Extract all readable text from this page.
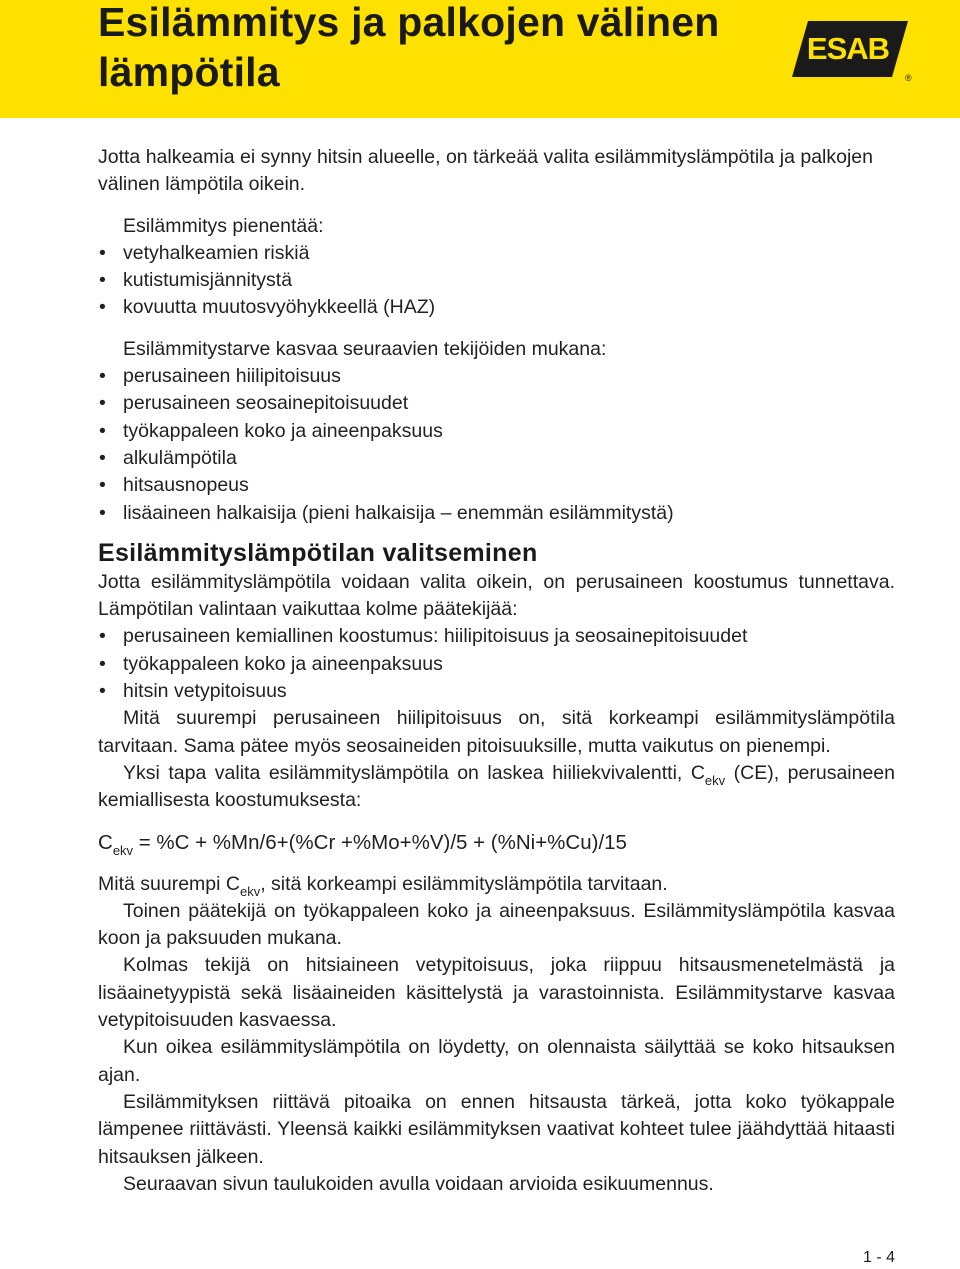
Esilämmitys ja palkojen välinen
lämpötila
ESAB
®

Jotta halkeamia ei synny hitsin alueelle, on tärkeää valita esilämmityslämpötila ja palkojen välinen lämpötila oikein.

Esilämmitys pienentää:

• vetyhalkeamien riskiä
• kutistumisjännitystä
• kovuutta muutosvyöhykkeellä (HAZ)

Esilämmitystarve kasvaa seuraavien tekijöiden mukana:

• perusaineen hiilipitoisuus
• perusaineen seosainepitoisuudet
• työkappaleen koko ja aineenpaksuus
• alkulämpötila
• hitsausnopeus
• lisäaineen halkaisija (pieni halkaisija – enemmän esilämmitystä)
Esilämmityslämpötilan valitseminen

Jotta esilämmityslämpötila voidaan valita oikein, on perusaineen koostumus tunnettava. Lämpötilan valintaan vaikuttaa kolme päätekijää:

• perusaineen kemiallinen koostumus: hiilipitoisuus ja seosainepitoisuudet
• työkappaleen koko ja aineenpaksuus
• hitsin vetypitoisuus

Mitä suurempi perusaineen hiilipitoisuus on, sitä korkeampi esilämmityslämpötila tarvitaan. Sama pätee myös seosaineiden pitoisuuksille, mutta vaikutus on pienempi.

Yksi tapa valita esilämmityslämpötila on laskea hiiliekvivalentti, $C_{ekv}$ (CE), perusaineen kemiallisesta koostumuksesta:

$C_{ekv} = \%C + \%Mn/6+(\%Cr +\%Mo+\%V)/5 + (\%Ni+\%Cu)/15$

Mitä suurempi $C_{ekv}$, sitä korkeampi esilämmityslämpötila tarvitaan.

Toinen päätekijä on työkappaleen koko ja aineenpaksuus. Esilämmityslämpötila kasvaa koon ja paksuuden mukana.

Kolmas tekijä on hitsiaineen vetypitoisuus, joka riippuu hitsausmenetelmästä ja lisäainetyypistä sekä lisäaineiden käsittelystä ja varastoinnista. Esilämmitystarve kasvaa vetypitoisuuden kasvaessa.

Kun oikea esilämmityslämpötila on löydetty, on olennaista säilyttää se koko hitsauksen ajan.

Esilämmityksen riittävä pitoaika on ennen hitsausta tärkeä, jotta koko työkappale lämpenee riittävästi. Yleensä kaikki esilämmityksen vaativat kohteet tulee jäähdyttää hitaasti hitsauksen jälkeen.

Seuraavan sivun taulukoiden avulla voidaan arvioida esikuumennus.

1 - 4
